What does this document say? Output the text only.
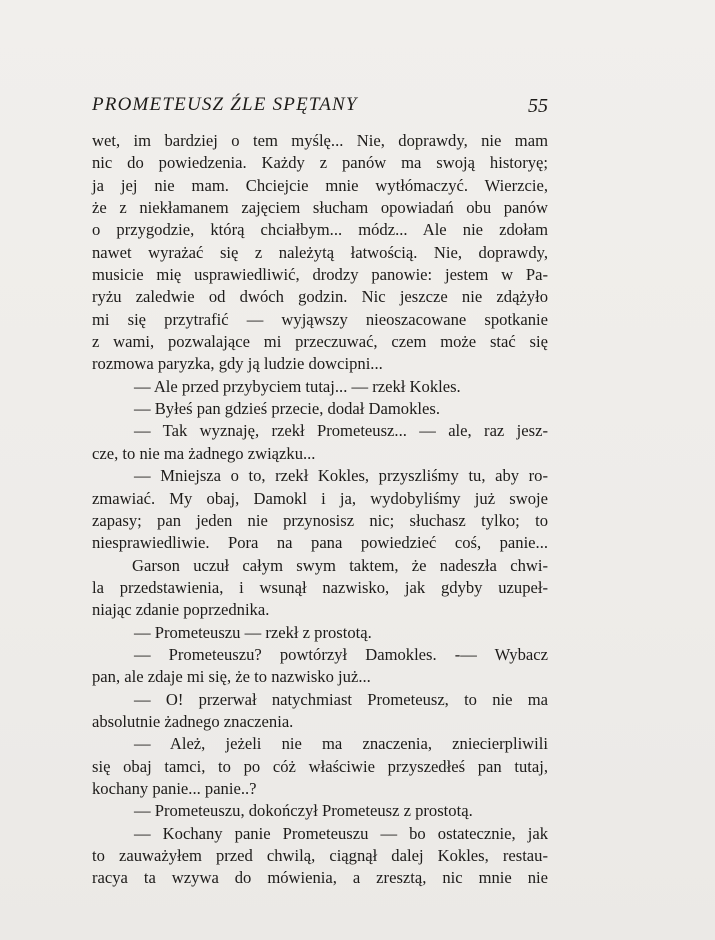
PROMETEUSZ ŹLE SPĘTANY	55
wet, im bardziej o tem myślę... Nie, doprawdy, nie mam
nic do powiedzenia. Każdy z panów ma swoją historyę;
ja jej nie mam. Chciejcie mnie wytłómaczyć. Wierzcie,
że z niekłamanem zajęciem słucham opowiadań obu panów
o przygodzie, którą chciałbym... módz... Ale nie zdołam
nawet wyrażać się z należytą łatwością. Nie, doprawdy,
musicie mię usprawiedliwić, drodzy panowie: jestem w Pa-
ryżu zaledwie od dwóch godzin. Nic jeszcze nie zdążyło
mi się przytrafić — wyjąwszy nieoszacowane spotkanie
z wami, pozwalające mi przeczuwać, czem może stać się
rozmowa paryzka, gdy ją ludzie dowcipni...
— Ale przed przybyciem tutaj... — rzekł Kokles.
— Byłeś pan gdzieś przecie, dodał Damokles.
— Tak wyznaję, rzekł Prometeusz... — ale, raz jesz-
cze, to nie ma żadnego związku...
— Mniejsza o to, rzekł Kokles, przyszliśmy tu, aby ro-
zmawiać. My obaj, Damokl i ja, wydobyliśmy już swoje
zapasy; pan jeden nie przynosisz nic; słuchasz tylko; to
niesprawiedliwie. Pora na pana powiedzieć coś, panie...
Garson uczuł całym swym taktem, że nadeszła chwi-
la przedstawienia, i wsunął nazwisko, jak gdyby uzupeł-
niając zdanie poprzednika.
— Prometeuszu — rzekł z prostotą.
— Prometeuszu? powtórzył Damokles. -— Wybacz
pan, ale zdaje mi się, że to nazwisko już...
— O! przerwał natychmiast Prometeusz, to nie ma
absolutnie żadnego znaczenia.
— Ależ, jeżeli nie ma znaczenia, zniecierpliwili
się obaj tamci, to po cóż właściwie przyszedłeś pan tutaj,
kochany panie... panie..?
— Prometeuszu, dokończył Prometeusz z prostotą.
— Kochany panie Prometeuszu — bo ostatecznie, jak
to zauważyłem przed chwilą, ciągnął dalej Kokles, restau-
racya ta wzywa do mówienia, a zresztą, nic mnie nie
